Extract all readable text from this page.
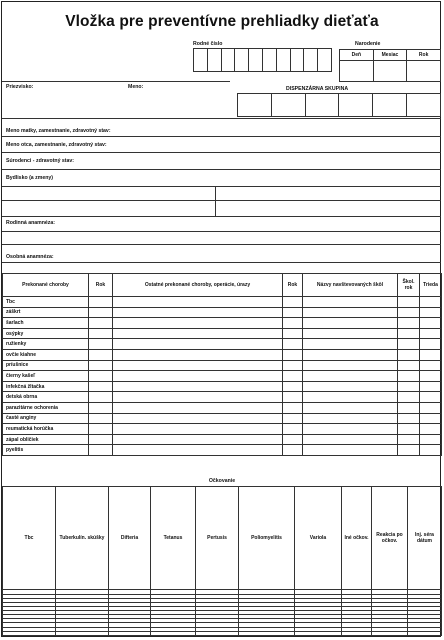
Vložka pre preventívne prehliadky dieťaťa
Rodné číslo
										Narodenie
Deň	Mesiac	Rok

Priezvisko:	Meno:	DISPENZÁRNA SKUPINA

Meno matky, zamestnanie, zdravotný stav:
Meno otca, zamestnanie, zdravotný stav:
Súrodenci - zdravotný stav:
Bydlisko (a zmeny)
Rodinná anamnéza:
Osobná anamnéza:
Prekonané choroby	Rok	Ostatné prekonané choroby, operácie, úrazy	Rok	Názvy navštevovaných škôl	Škol. rok	Trieda
Tbc						
záškrt						
šarlach						
osýpky						
ružienky						
ovčie kiahne						
príušnice						
čierny kašeľ						
infekčná žltačka						
detská obrna						
parazitárne ochorenia						
časté anginy						
reumatická horúčka						
zápal obličiek						
pyelitis						
Očkovanie
Tbc	Tuberkulín. skúšky	Difteria	Tetanus	Pertusis	Poliomyelitis	Variola	Iné očkov.	Reakcia po očkov.	Inj. séra dátum
